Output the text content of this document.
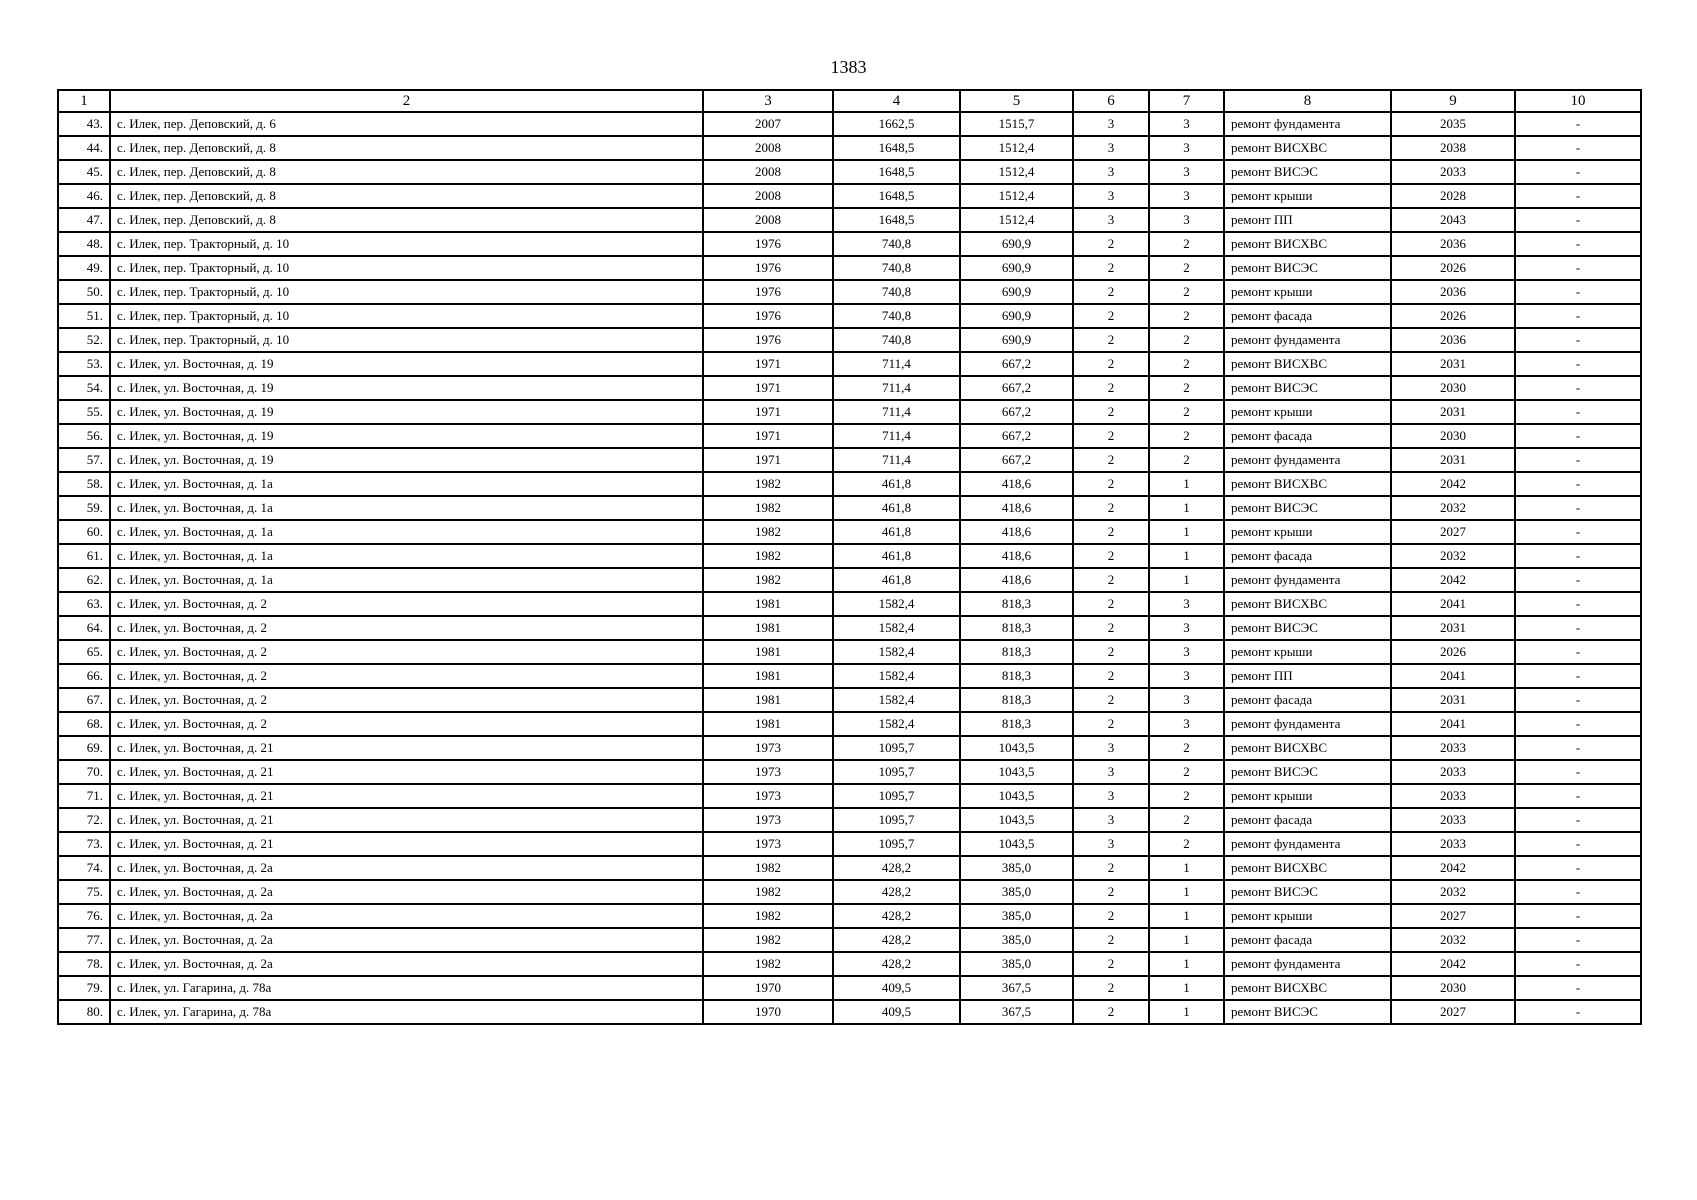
1383
1	2	3	4	5	6	7	8	9	10
43.	с. Илек, пер. Деповский, д. 6	2007	1662,5	1515,7	3	3	ремонт фундамента	2035	-
44.	с. Илек, пер. Деповский, д. 8	2008	1648,5	1512,4	3	3	ремонт ВИСХВС	2038	-
45.	с. Илек, пер. Деповский, д. 8	2008	1648,5	1512,4	3	3	ремонт ВИСЭС	2033	-
46.	с. Илек, пер. Деповский, д. 8	2008	1648,5	1512,4	3	3	ремонт крыши	2028	-
47.	с. Илек, пер. Деповский, д. 8	2008	1648,5	1512,4	3	3	ремонт ПП	2043	-
48.	с. Илек, пер. Тракторный, д. 10	1976	740,8	690,9	2	2	ремонт ВИСХВС	2036	-
49.	с. Илек, пер. Тракторный, д. 10	1976	740,8	690,9	2	2	ремонт ВИСЭС	2026	-
50.	с. Илек, пер. Тракторный, д. 10	1976	740,8	690,9	2	2	ремонт крыши	2036	-
51.	с. Илек, пер. Тракторный, д. 10	1976	740,8	690,9	2	2	ремонт фасада	2026	-
52.	с. Илек, пер. Тракторный, д. 10	1976	740,8	690,9	2	2	ремонт фундамента	2036	-
53.	с. Илек, ул. Восточная, д. 19	1971	711,4	667,2	2	2	ремонт ВИСХВС	2031	-
54.	с. Илек, ул. Восточная, д. 19	1971	711,4	667,2	2	2	ремонт ВИСЭС	2030	-
55.	с. Илек, ул. Восточная, д. 19	1971	711,4	667,2	2	2	ремонт крыши	2031	-
56.	с. Илек, ул. Восточная, д. 19	1971	711,4	667,2	2	2	ремонт фасада	2030	-
57.	с. Илек, ул. Восточная, д. 19	1971	711,4	667,2	2	2	ремонт фундамента	2031	-
58.	с. Илек, ул. Восточная, д. 1а	1982	461,8	418,6	2	1	ремонт ВИСХВС	2042	-
59.	с. Илек, ул. Восточная, д. 1а	1982	461,8	418,6	2	1	ремонт ВИСЭС	2032	-
60.	с. Илек, ул. Восточная, д. 1а	1982	461,8	418,6	2	1	ремонт крыши	2027	-
61.	с. Илек, ул. Восточная, д. 1а	1982	461,8	418,6	2	1	ремонт фасада	2032	-
62.	с. Илек, ул. Восточная, д. 1а	1982	461,8	418,6	2	1	ремонт фундамента	2042	-
63.	с. Илек, ул. Восточная, д. 2	1981	1582,4	818,3	2	3	ремонт ВИСХВС	2041	-
64.	с. Илек, ул. Восточная, д. 2	1981	1582,4	818,3	2	3	ремонт ВИСЭС	2031	-
65.	с. Илек, ул. Восточная, д. 2	1981	1582,4	818,3	2	3	ремонт крыши	2026	-
66.	с. Илек, ул. Восточная, д. 2	1981	1582,4	818,3	2	3	ремонт ПП	2041	-
67.	с. Илек, ул. Восточная, д. 2	1981	1582,4	818,3	2	3	ремонт фасада	2031	-
68.	с. Илек, ул. Восточная, д. 2	1981	1582,4	818,3	2	3	ремонт фундамента	2041	-
69.	с. Илек, ул. Восточная, д. 21	1973	1095,7	1043,5	3	2	ремонт ВИСХВС	2033	-
70.	с. Илек, ул. Восточная, д. 21	1973	1095,7	1043,5	3	2	ремонт ВИСЭС	2033	-
71.	с. Илек, ул. Восточная, д. 21	1973	1095,7	1043,5	3	2	ремонт крыши	2033	-
72.	с. Илек, ул. Восточная, д. 21	1973	1095,7	1043,5	3	2	ремонт фасада	2033	-
73.	с. Илек, ул. Восточная, д. 21	1973	1095,7	1043,5	3	2	ремонт фундамента	2033	-
74.	с. Илек, ул. Восточная, д. 2а	1982	428,2	385,0	2	1	ремонт ВИСХВС	2042	-
75.	с. Илек, ул. Восточная, д. 2а	1982	428,2	385,0	2	1	ремонт ВИСЭС	2032	-
76.	с. Илек, ул. Восточная, д. 2а	1982	428,2	385,0	2	1	ремонт крыши	2027	-
77.	с. Илек, ул. Восточная, д. 2а	1982	428,2	385,0	2	1	ремонт фасада	2032	-
78.	с. Илек, ул. Восточная, д. 2а	1982	428,2	385,0	2	1	ремонт фундамента	2042	-
79.	с. Илек, ул. Гагарина, д. 78а	1970	409,5	367,5	2	1	ремонт ВИСХВС	2030	-
80.	с. Илек, ул. Гагарина, д. 78а	1970	409,5	367,5	2	1	ремонт ВИСЭС	2027	-
